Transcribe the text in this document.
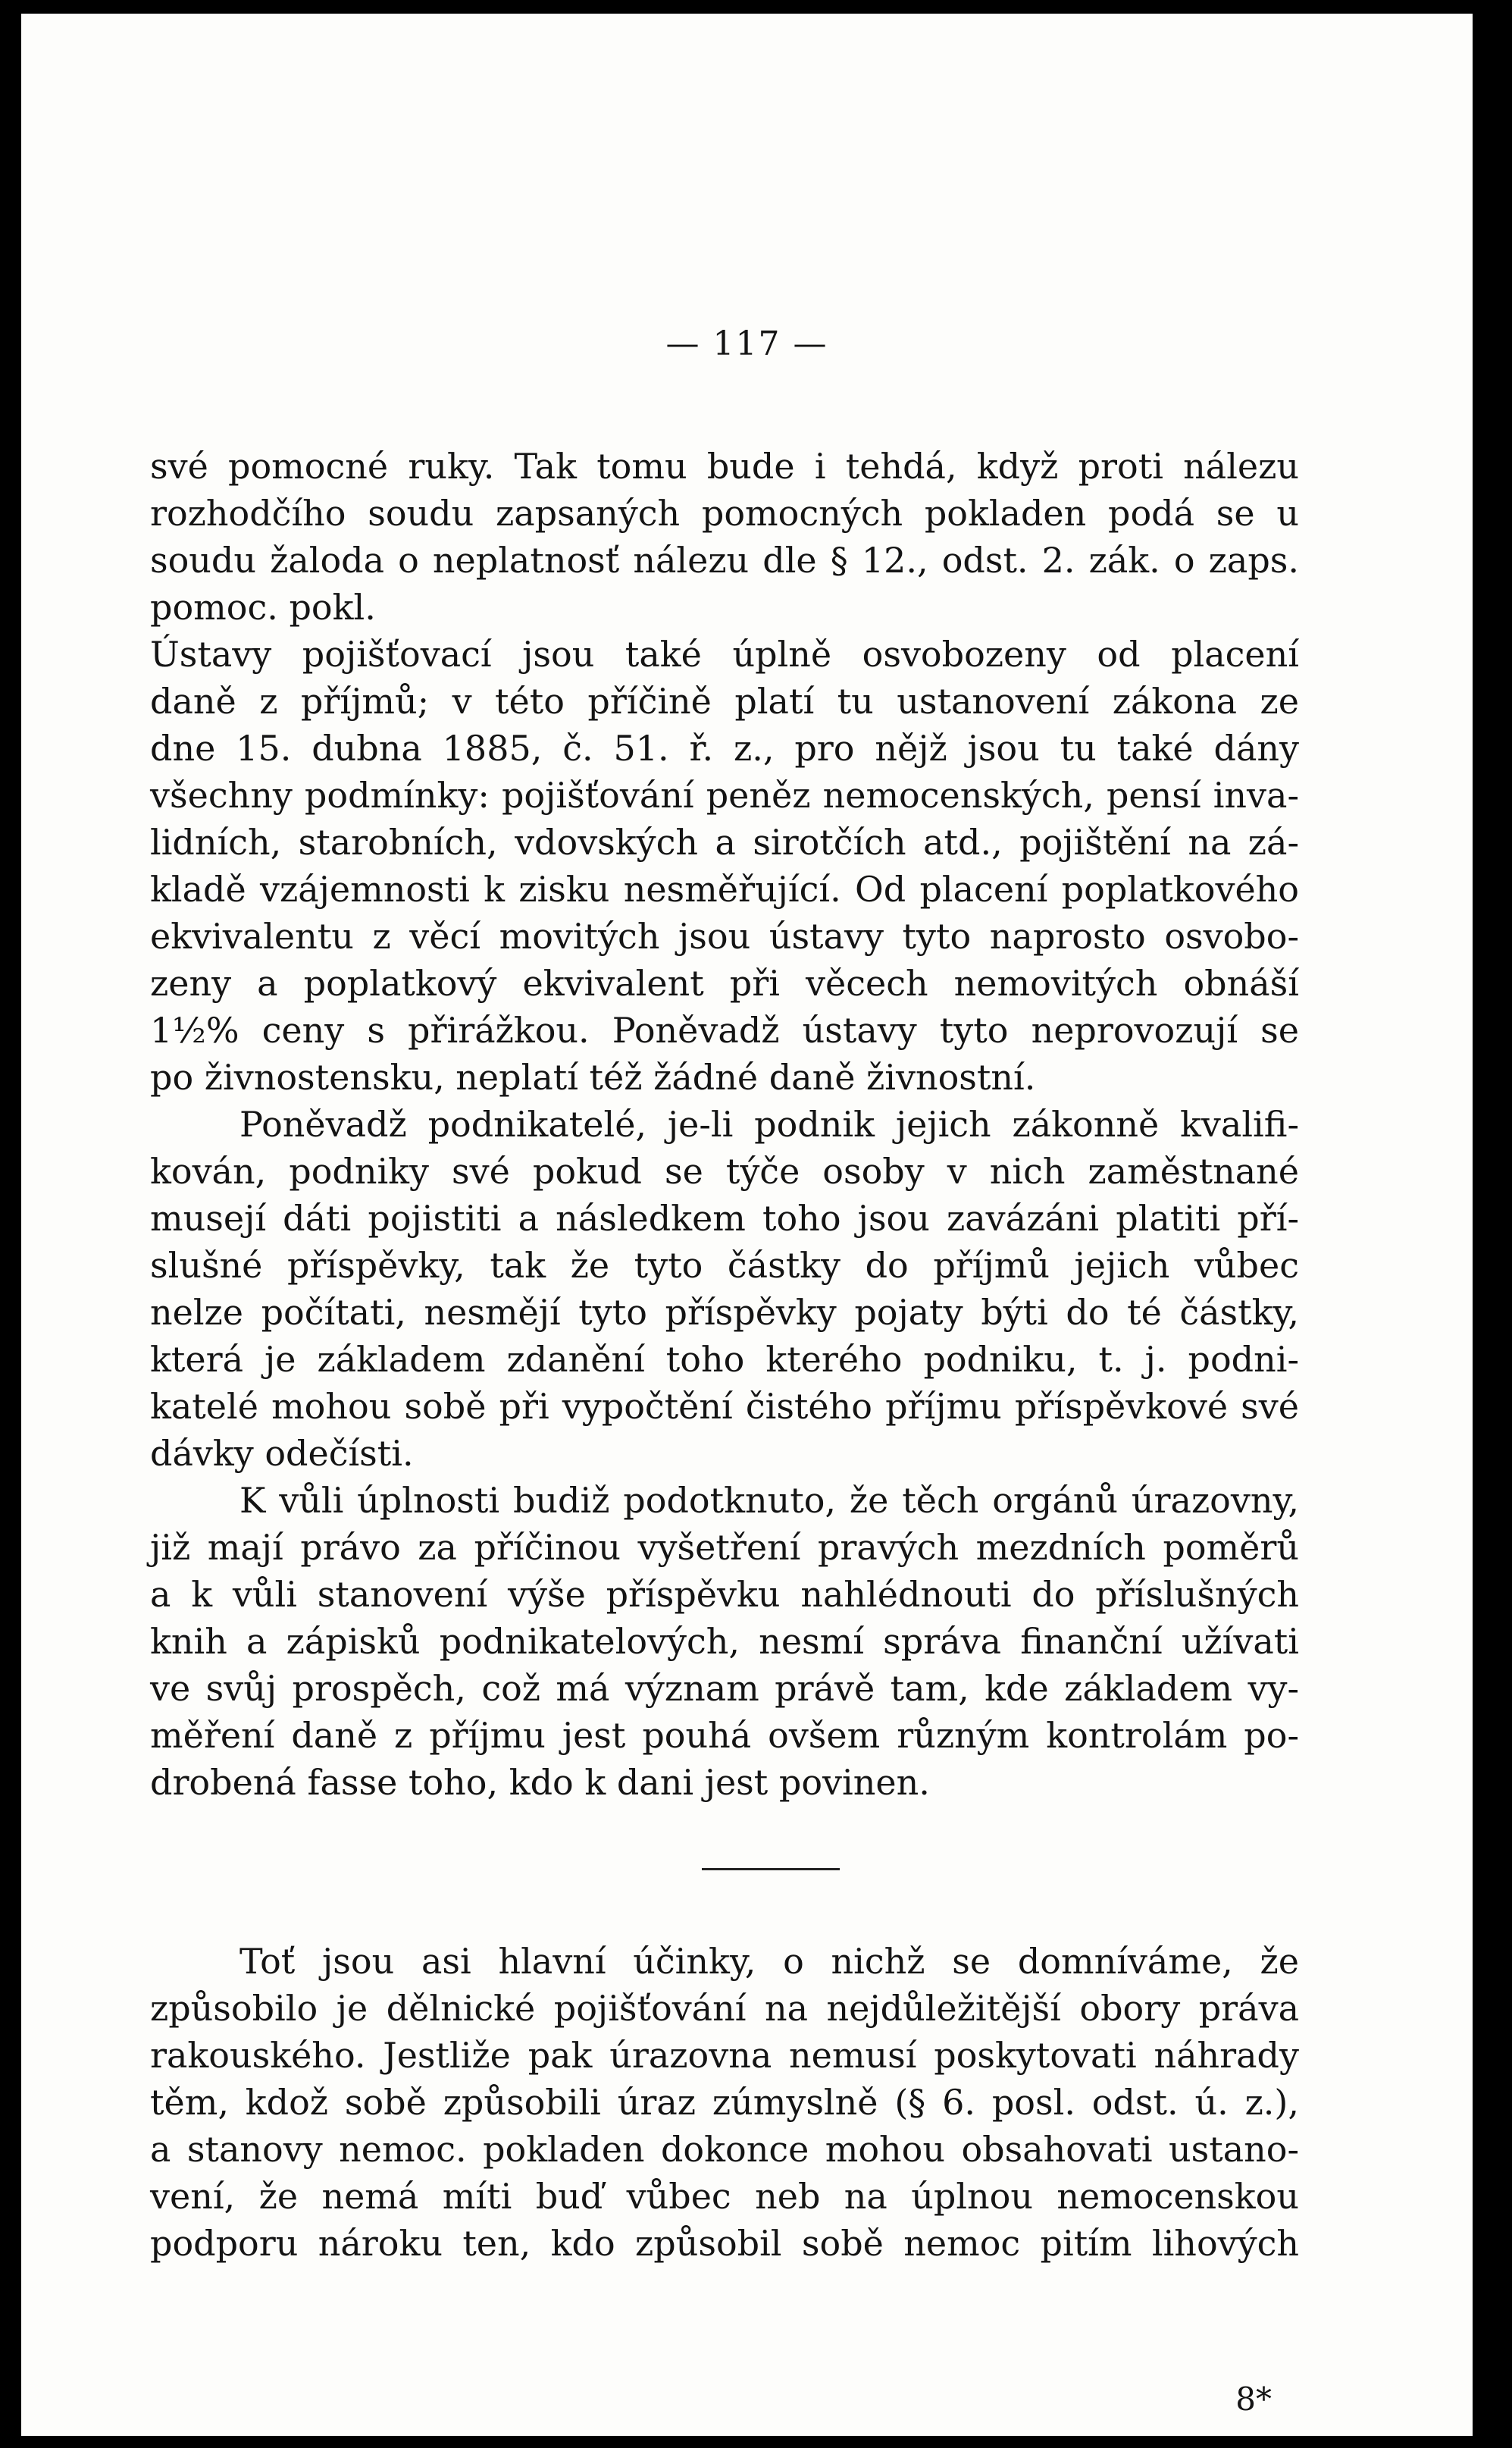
— 117 —
své pomocné ruky. Tak tomu bude i tehdá, když proti nálezu
rozhodčího soudu zapsaných pomocných pokladen podá se u
soudu žaloda o neplatnosť nálezu dle § 12., odst. 2. zák. o zaps.
pomoc. pokl.
Ústavy pojišťovací jsou také úplně osvobozeny od placení
daně z příjmů; v této příčině platí tu ustanovení zákona ze
dne 15. dubna 1885, č. 51. ř. z., pro nějž jsou tu také dány
všechny podmínky: pojišťování peněz nemocenských, pensí inva-
lidních, starobních, vdovských a sirotčích atd., pojištění na zá-
kladě vzájemnosti k zisku nesměřující. Od placení poplatkového
ekvivalentu z věcí movitých jsou ústavy tyto naprosto osvobo-
zeny a poplatkový ekvivalent při věcech nemovitých obnáší
1½% ceny s přirážkou. Poněvadž ústavy tyto neprovozují se
po živnostensku, neplatí též žádné daně živnostní.
Poněvadž podnikatelé, je-li podnik jejich zákonně kvalifi-
kován, podniky své pokud se týče osoby v nich zaměstnané
musejí dáti pojistiti a následkem toho jsou zavázáni platiti pří-
slušné příspěvky, tak že tyto částky do příjmů jejich vůbec
nelze počítati, nesmějí tyto příspěvky pojaty býti do té částky,
která je základem zdanění toho kterého podniku, t. j. podni-
katelé mohou sobě při vypočtění čistého příjmu příspěvkové své
dávky odečísti.
K vůli úplnosti budiž podotknuto, že těch orgánů úrazovny,
již mají právo za příčinou vyšetření pravých mezdních poměrů
a k vůli stanovení výše příspěvku nahlédnouti do příslušných
knih a zápisků podnikatelových, nesmí správa finanční užívati
ve svůj prospěch, což má význam právě tam, kde základem vy-
měření daně z příjmu jest pouhá ovšem různým kontrolám po-
drobená fasse toho, kdo k dani jest povinen.
Toť jsou asi hlavní účinky, o nichž se domníváme, že
způsobilo je dělnické pojišťování na nejdůležitější obory práva
rakouského. Jestliže pak úrazovna nemusí poskytovati náhrady
těm, kdož sobě způsobili úraz zúmyslně (§ 6. posl. odst. ú. z.),
a stanovy nemoc. pokladen dokonce mohou obsahovati ustano-
vení, že nemá míti buď vůbec neb na úplnou nemocenskou
podporu nároku ten, kdo způsobil sobě nemoc pitím lihových
8*
